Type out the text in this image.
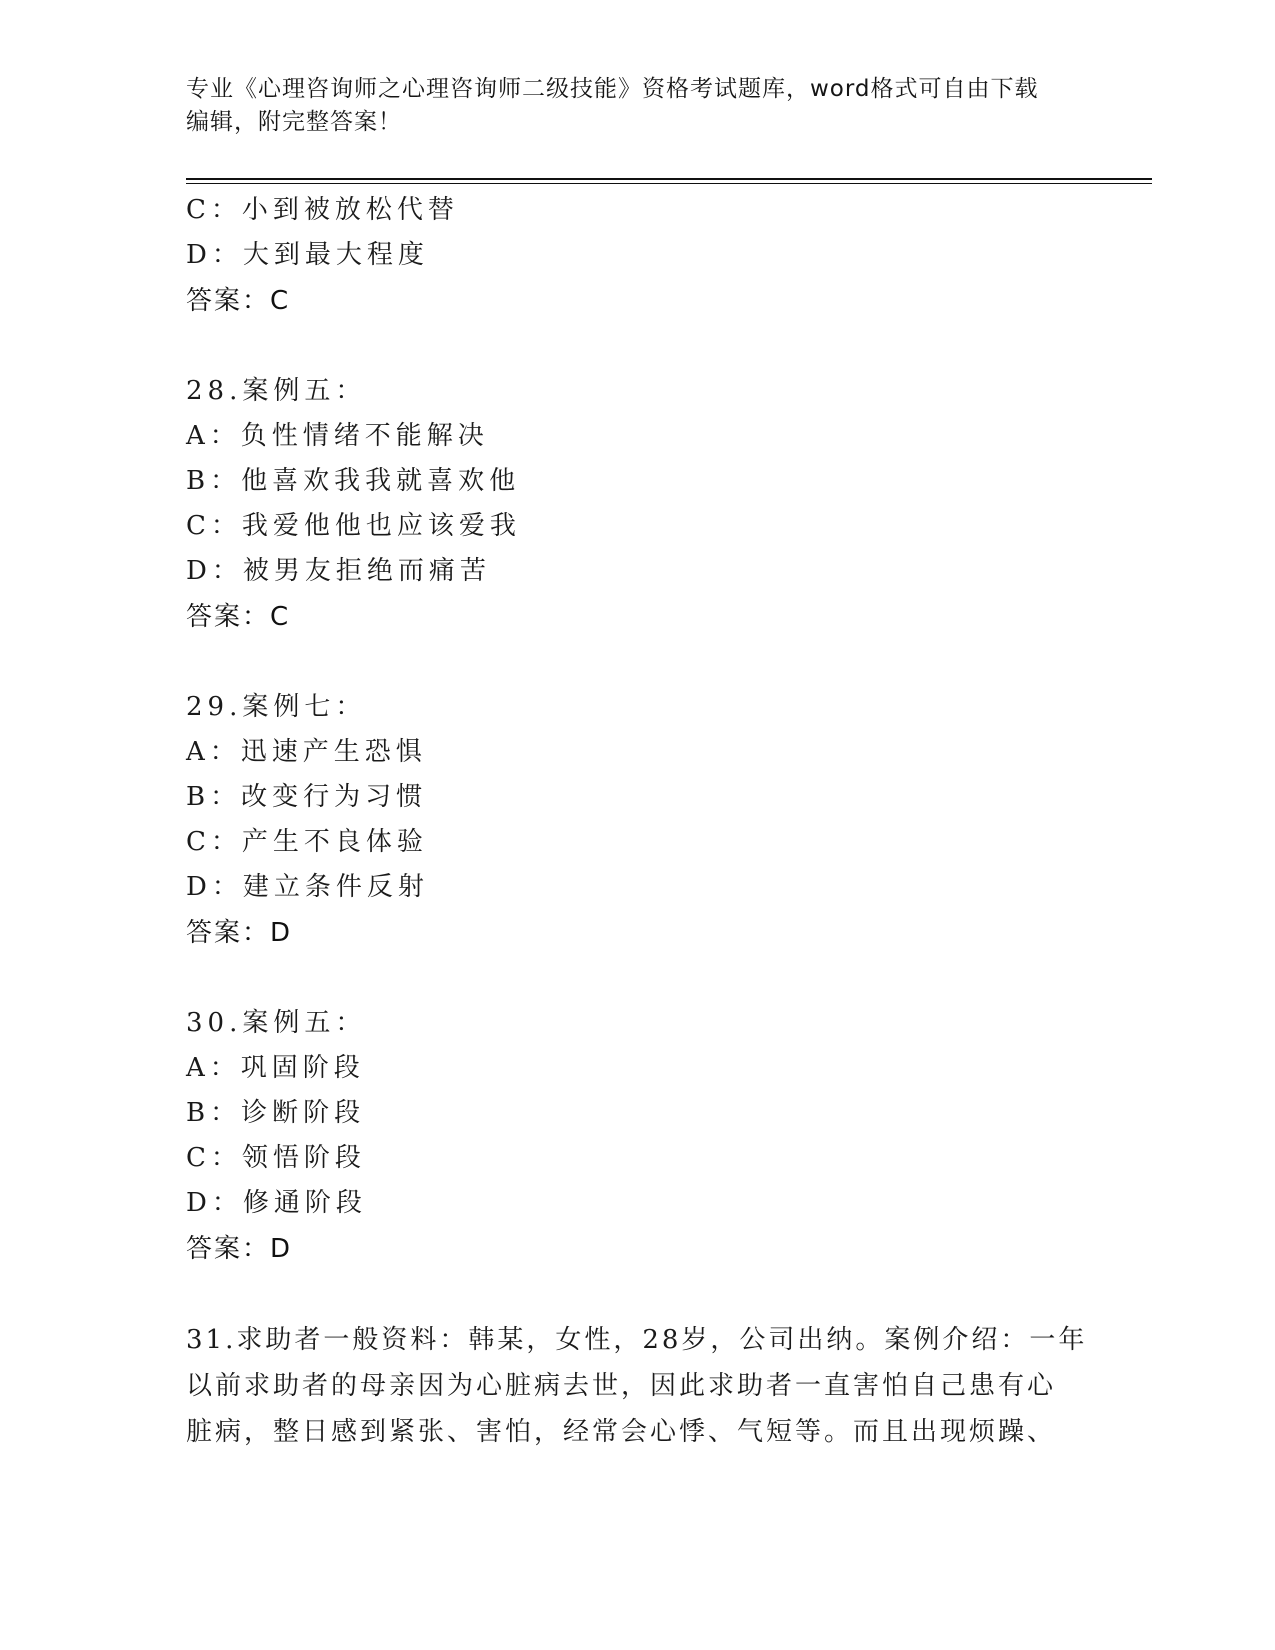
专业《心理咨询师之心理咨询师二级技能》资格考试题库，word格式可自由下载
编辑，附完整答案！
C：小到被放松代替
D：大到最大程度
答案：C
28.案例五：
A：负性情绪不能解决
B：他喜欢我我就喜欢他
C：我爱他他也应该爱我
D：被男友拒绝而痛苦
答案：C
29.案例七：
A：迅速产生恐惧
B：改变行为习惯
C：产生不良体验
D：建立条件反射
答案：D
30.案例五：
A：巩固阶段
B：诊断阶段
C：领悟阶段
D：修通阶段
答案：D
31.求助者一般资料：韩某，女性，28岁，公司出纳。案例介绍：一年
以前求助者的母亲因为心脏病去世，因此求助者一直害怕自己患有心
脏病，整日感到紧张、害怕，经常会心悸、气短等。而且出现烦躁、
